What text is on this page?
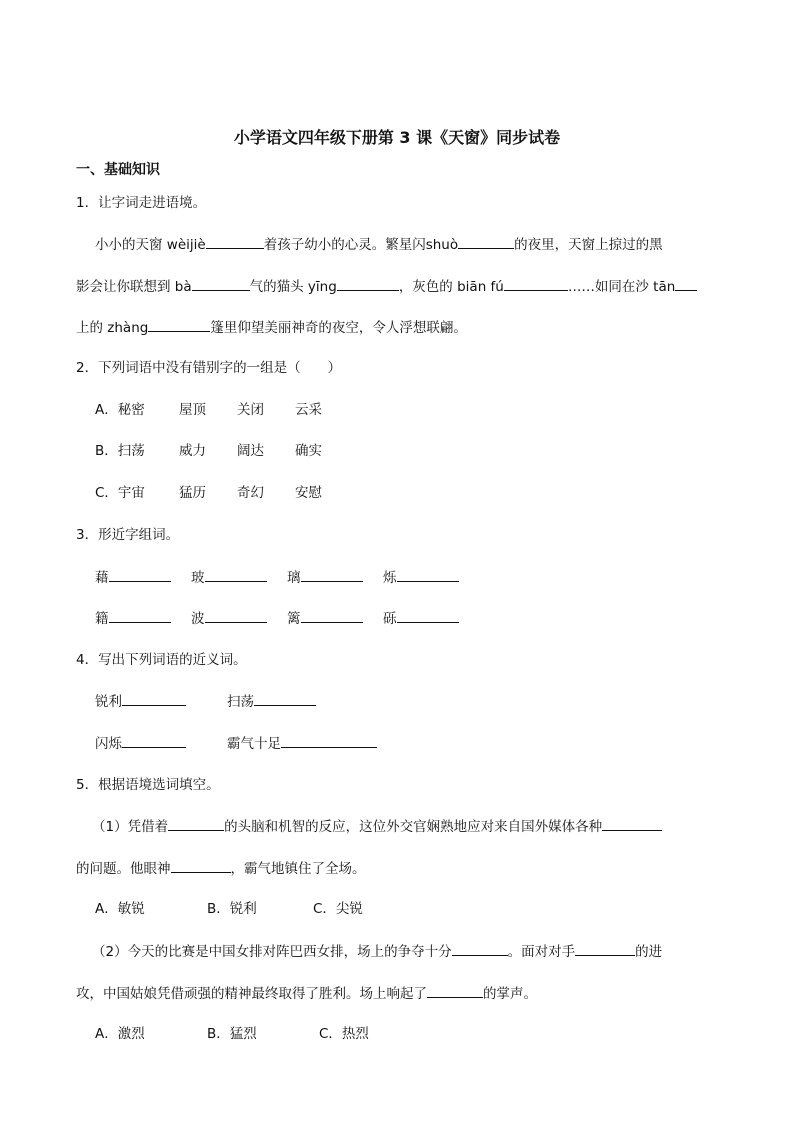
小学语文四年级下册第 3 课《天窗》同步试卷
一、基础知识
1．让字词走进语境。
小小的天窗 wèijiè	着孩子幼小的心灵。繁星闪shuò	的夜里，天窗上掠过的黑
影会让你联想到 bà	气的猫头 yīng	，灰色的 biān fú	……如同在沙 tān
上的 zhàng	篷里仰望美丽神奇的夜空，令人浮想联翩。
2．下列词语中没有错别字的一组是（　　）
A．秘密	屋顶 关闭 云采
B．扫荡	威力 阔达 确实
C．宇宙	猛历 奇幻 安慰
3．形近字组词。
藉	玻	璃	烁
籍	波	篱	砾
4．写出下列词语的近义词。
锐利	扫荡
闪烁	霸气十足
5．根据语境选词填空。
（1）凭借着	的头脑和机智的反应，这位外交官娴熟地应对来自国外媒体各种
的问题。他眼神	，霸气地镇住了全场。
A．敏锐	B．锐利	C．尖锐
（2）今天的比赛是中国女排对阵巴西女排，场上的争夺十分	。面对对手	的进
攻，中国姑娘凭借顽强的精神最终取得了胜利。场上响起了	的掌声。
A．激烈	B．猛烈	C．热烈
